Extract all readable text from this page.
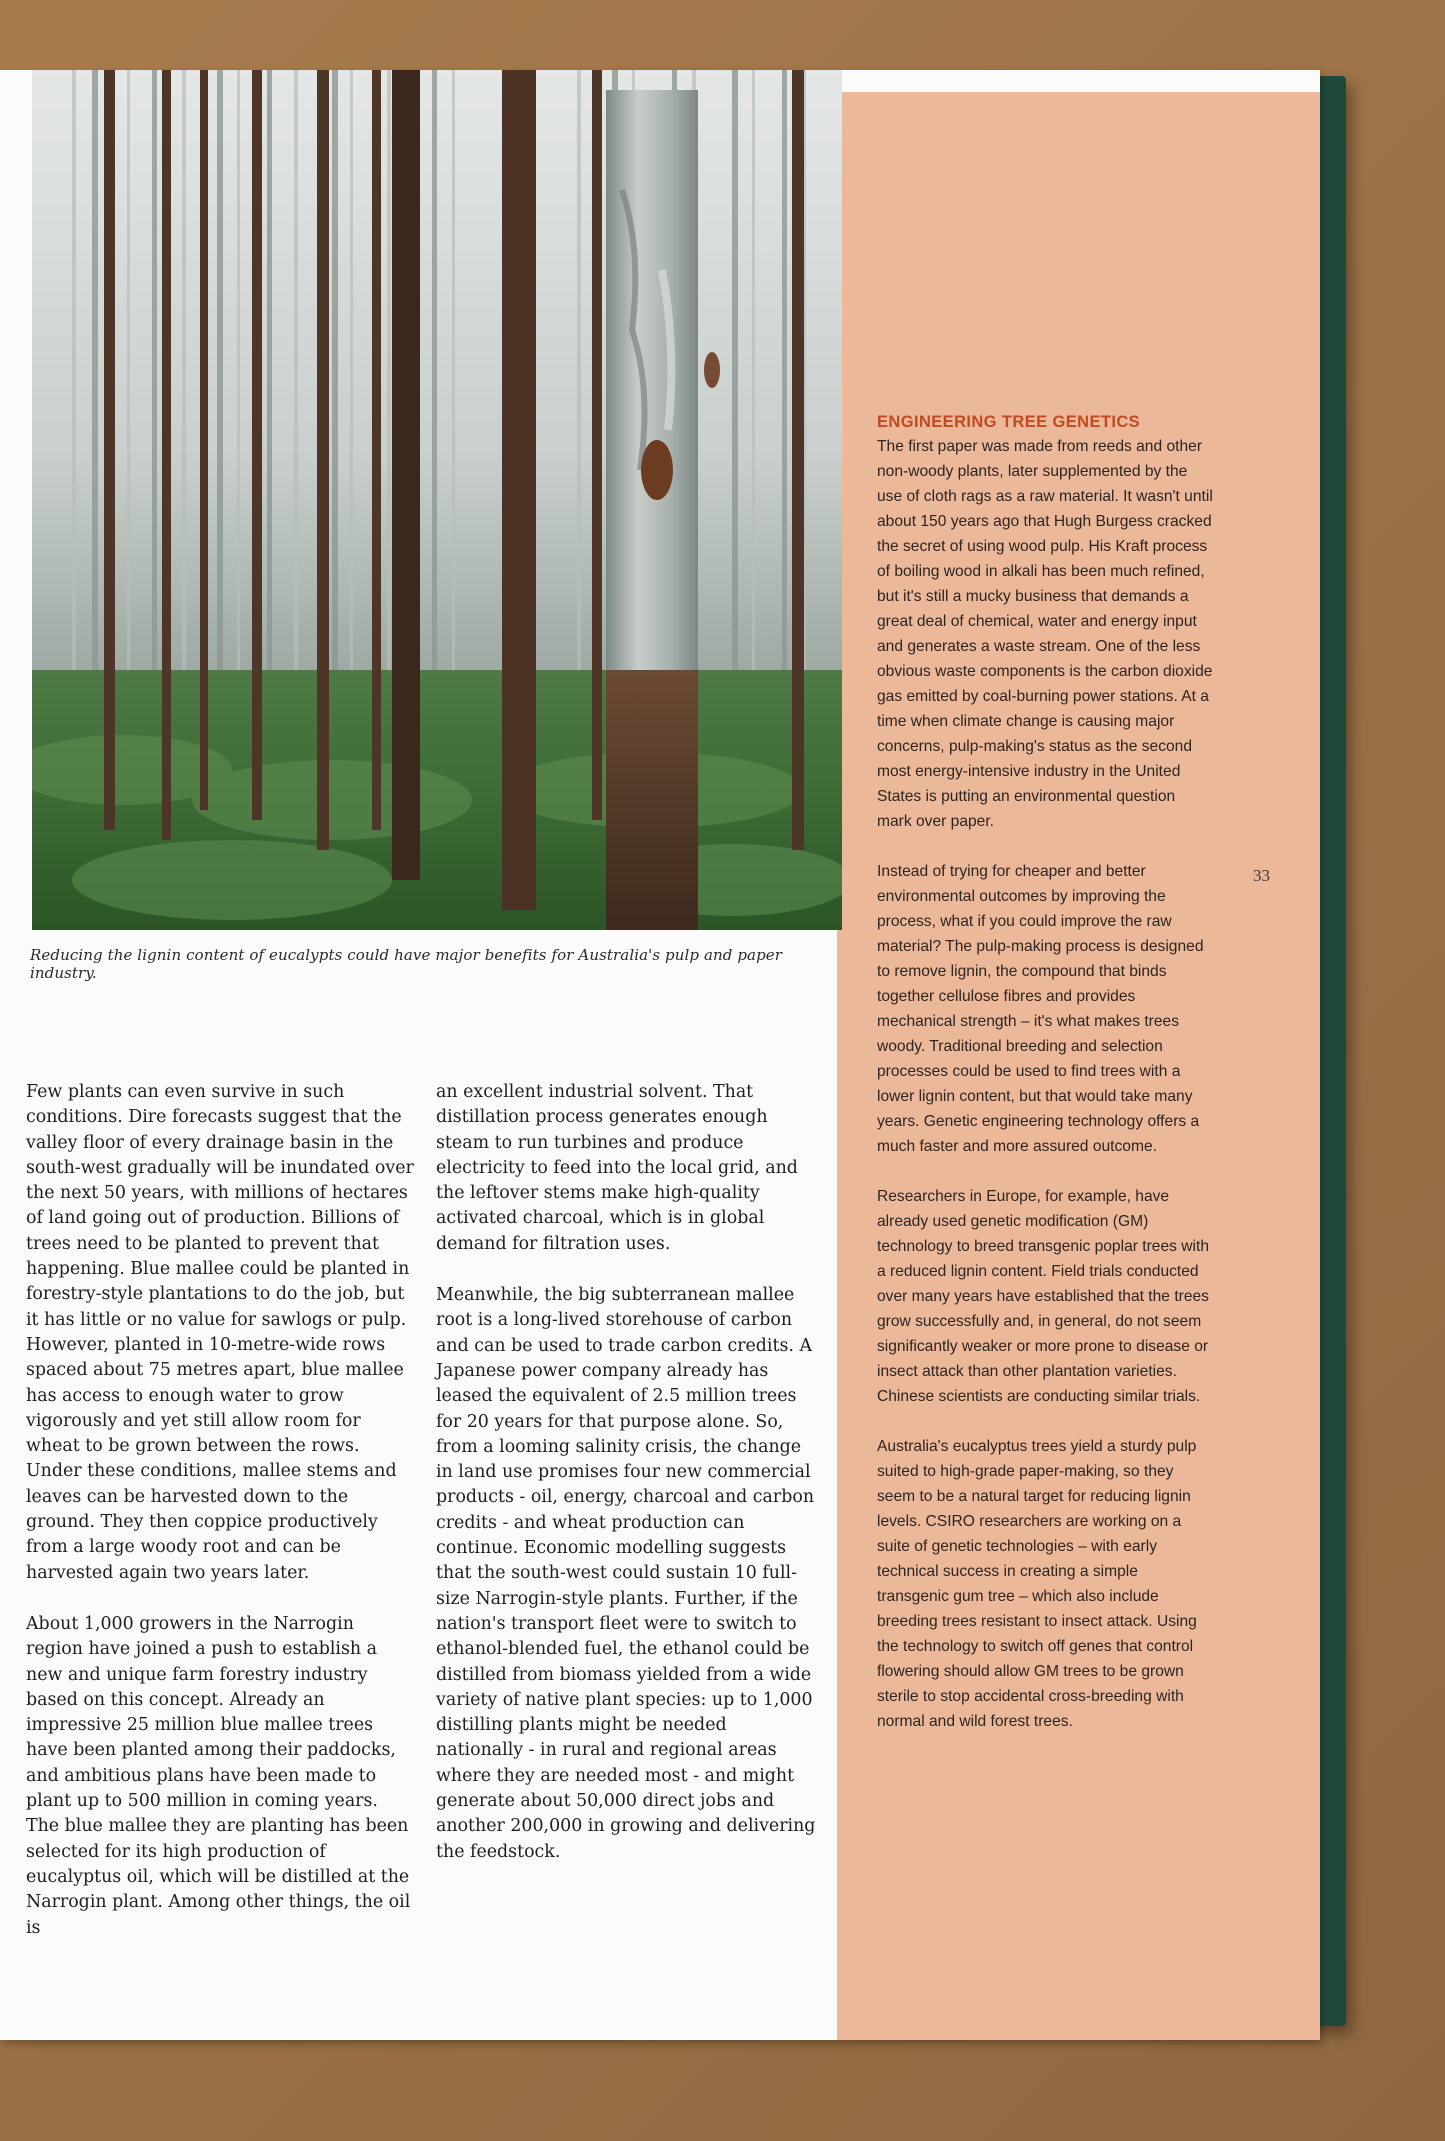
Reducing the lignin content of eucalypts could have major benefits for Australia's pulp and paper industry.

Few plants can even survive in such conditions. Dire forecasts suggest that the valley floor of every drainage basin in the south-west gradually will be inundated over the next 50 years, with millions of hectares of land going out of production. Billions of trees need to be planted to prevent that happening. Blue mallee could be planted in forestry-style plantations to do the job, but it has little or no value for sawlogs or pulp. However, planted in 10-metre-wide rows spaced about 75 metres apart, blue mallee has access to enough water to grow vigorously and yet still allow room for wheat to be grown between the rows. Under these conditions, mallee stems and leaves can be harvested down to the ground. They then coppice productively from a large woody root and can be harvested again two years later.

About 1,000 growers in the Narrogin region have joined a push to establish a new and unique farm forestry industry based on this concept. Already an impressive 25 million blue mallee trees have been planted among their paddocks, and ambitious plans have been made to plant up to 500 million in coming years. The blue mallee they are planting has been selected for its high production of eucalyptus oil, which will be distilled at the Narrogin plant. Among other things, the oil is

an excellent industrial solvent. That distillation process generates enough steam to run turbines and produce electricity to feed into the local grid, and the leftover stems make high-quality activated charcoal, which is in global demand for filtration uses.

Meanwhile, the big subterranean mallee root is a long-lived storehouse of carbon and can be used to trade carbon credits. A Japanese power company already has leased the equivalent of 2.5 million trees for 20 years for that purpose alone. So, from a looming salinity crisis, the change in land use promises four new commercial products - oil, energy, charcoal and carbon credits - and wheat production can continue. Economic modelling suggests that the south-west could sustain 10 full-size Narrogin-style plants. Further, if the nation's transport fleet were to switch to ethanol-blended fuel, the ethanol could be distilled from biomass yielded from a wide variety of native plant species: up to 1,000 distilling plants might be needed nationally - in rural and regional areas where they are needed most - and might generate about 50,000 direct jobs and another 200,000 in growing and delivering the feedstock.

ENGINEERING TREE GENETICS

The first paper was made from reeds and other non-woody plants, later supplemented by the use of cloth rags as a raw material. It wasn't until about 150 years ago that Hugh Burgess cracked the secret of using wood pulp. His Kraft process of boiling wood in alkali has been much refined, but it's still a mucky business that demands a great deal of chemical, water and energy input and generates a waste stream. One of the less obvious waste components is the carbon dioxide gas emitted by coal-burning power stations. At a time when climate change is causing major concerns, pulp-making's status as the second most energy-intensive industry in the United States is putting an environmental question mark over paper.

Instead of trying for cheaper and better environmental outcomes by improving the process, what if you could improve the raw material? The pulp-making process is designed to remove lignin, the compound that binds together cellulose fibres and provides mechanical strength – it's what makes trees woody. Traditional breeding and selection processes could be used to find trees with a lower lignin content, but that would take many years. Genetic engineering technology offers a much faster and more assured outcome.

Researchers in Europe, for example, have already used genetic modification (GM) technology to breed transgenic poplar trees with a reduced lignin content. Field trials conducted over many years have established that the trees grow successfully and, in general, do not seem significantly weaker or more prone to disease or insect attack than other plantation varieties. Chinese scientists are conducting similar trials.

Australia's eucalyptus trees yield a sturdy pulp suited to high-grade paper-making, so they seem to be a natural target for reducing lignin levels. CSIRO researchers are working on a suite of genetic technologies – with early technical success in creating a simple transgenic gum tree – which also include breeding trees resistant to insect attack. Using the technology to switch off genes that control flowering should allow GM trees to be grown sterile to stop accidental cross-breeding with normal and wild forest trees.

33
